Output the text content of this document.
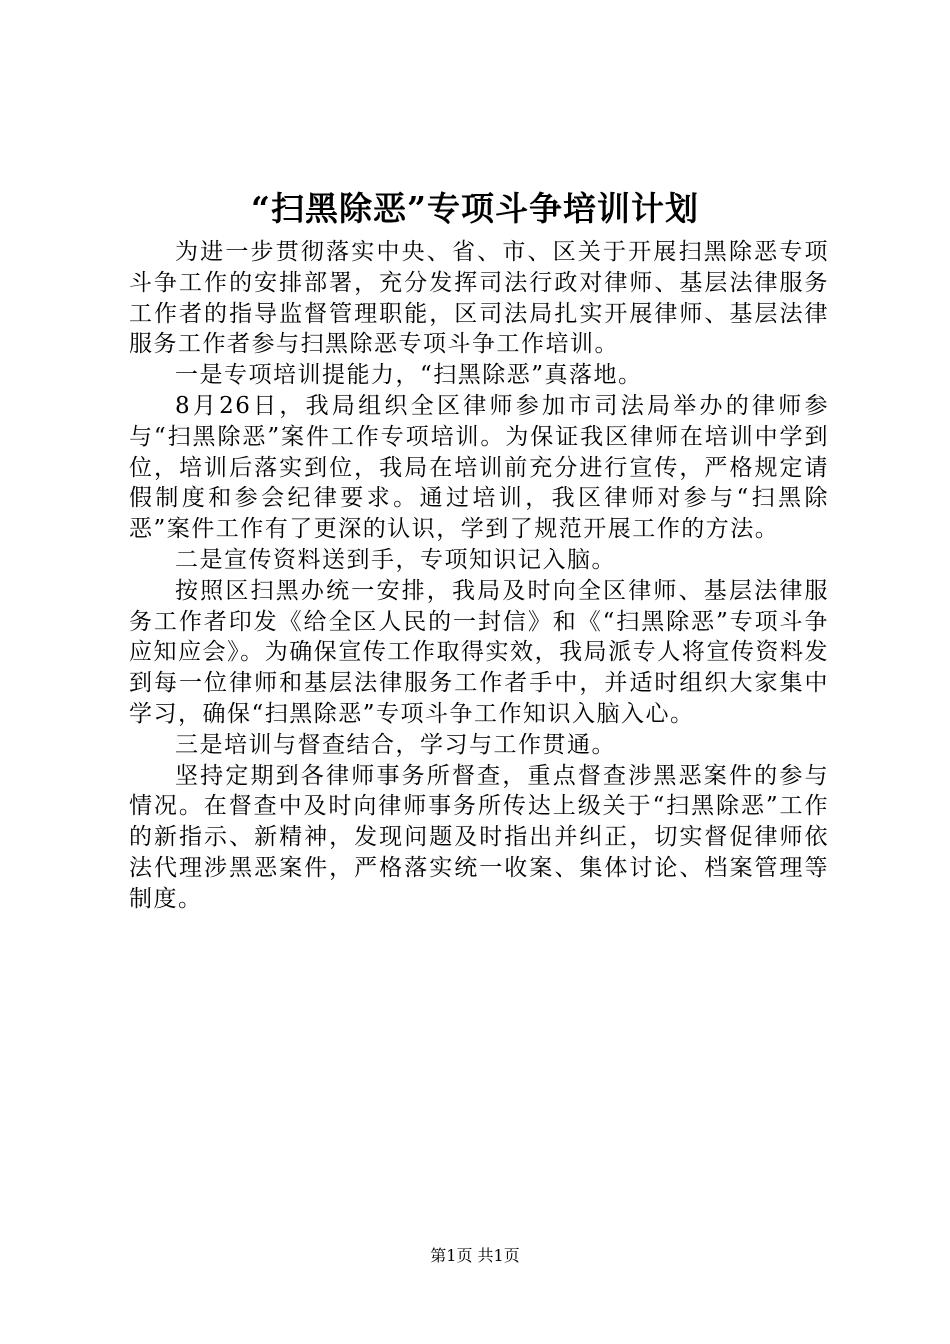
“扫黑除恶”专项斗争培训计划

为进一步贯彻落实中央、省、市、区关于开展扫黑除恶专项斗争工作的安排部署，充分发挥司法行政对律师、基层法律服务工作者的指导监督管理职能，区司法局扎实开展律师、基层法律服务工作者参与扫黑除恶专项斗争工作培训。

一是专项培训提能力，“扫黑除恶”真落地。

8月26日，我局组织全区律师参加市司法局举办的律师参与“扫黑除恶”案件工作专项培训。为保证我区律师在培训中学到位，培训后落实到位，我局在培训前充分进行宣传，严格规定请假制度和参会纪律要求。通过培训，我区律师对参与“扫黑除恶”案件工作有了更深的认识，学到了规范开展工作的方法。

二是宣传资料送到手，专项知识记入脑。

按照区扫黑办统一安排，我局及时向全区律师、基层法律服务工作者印发《给全区人民的一封信》和《“扫黑除恶”专项斗争应知应会》。为确保宣传工作取得实效，我局派专人将宣传资料发到每一位律师和基层法律服务工作者手中，并适时组织大家集中学习，确保“扫黑除恶”专项斗争工作知识入脑入心。

三是培训与督查结合，学习与工作贯通。

坚持定期到各律师事务所督查，重点督查涉黑恶案件的参与情况。在督查中及时向律师事务所传达上级关于“扫黑除恶”工作的新指示、新精神，发现问题及时指出并纠正，切实督促律师依法代理涉黑恶案件，严格落实统一收案、集体讨论、档案管理等制度。

第1页 共1页
